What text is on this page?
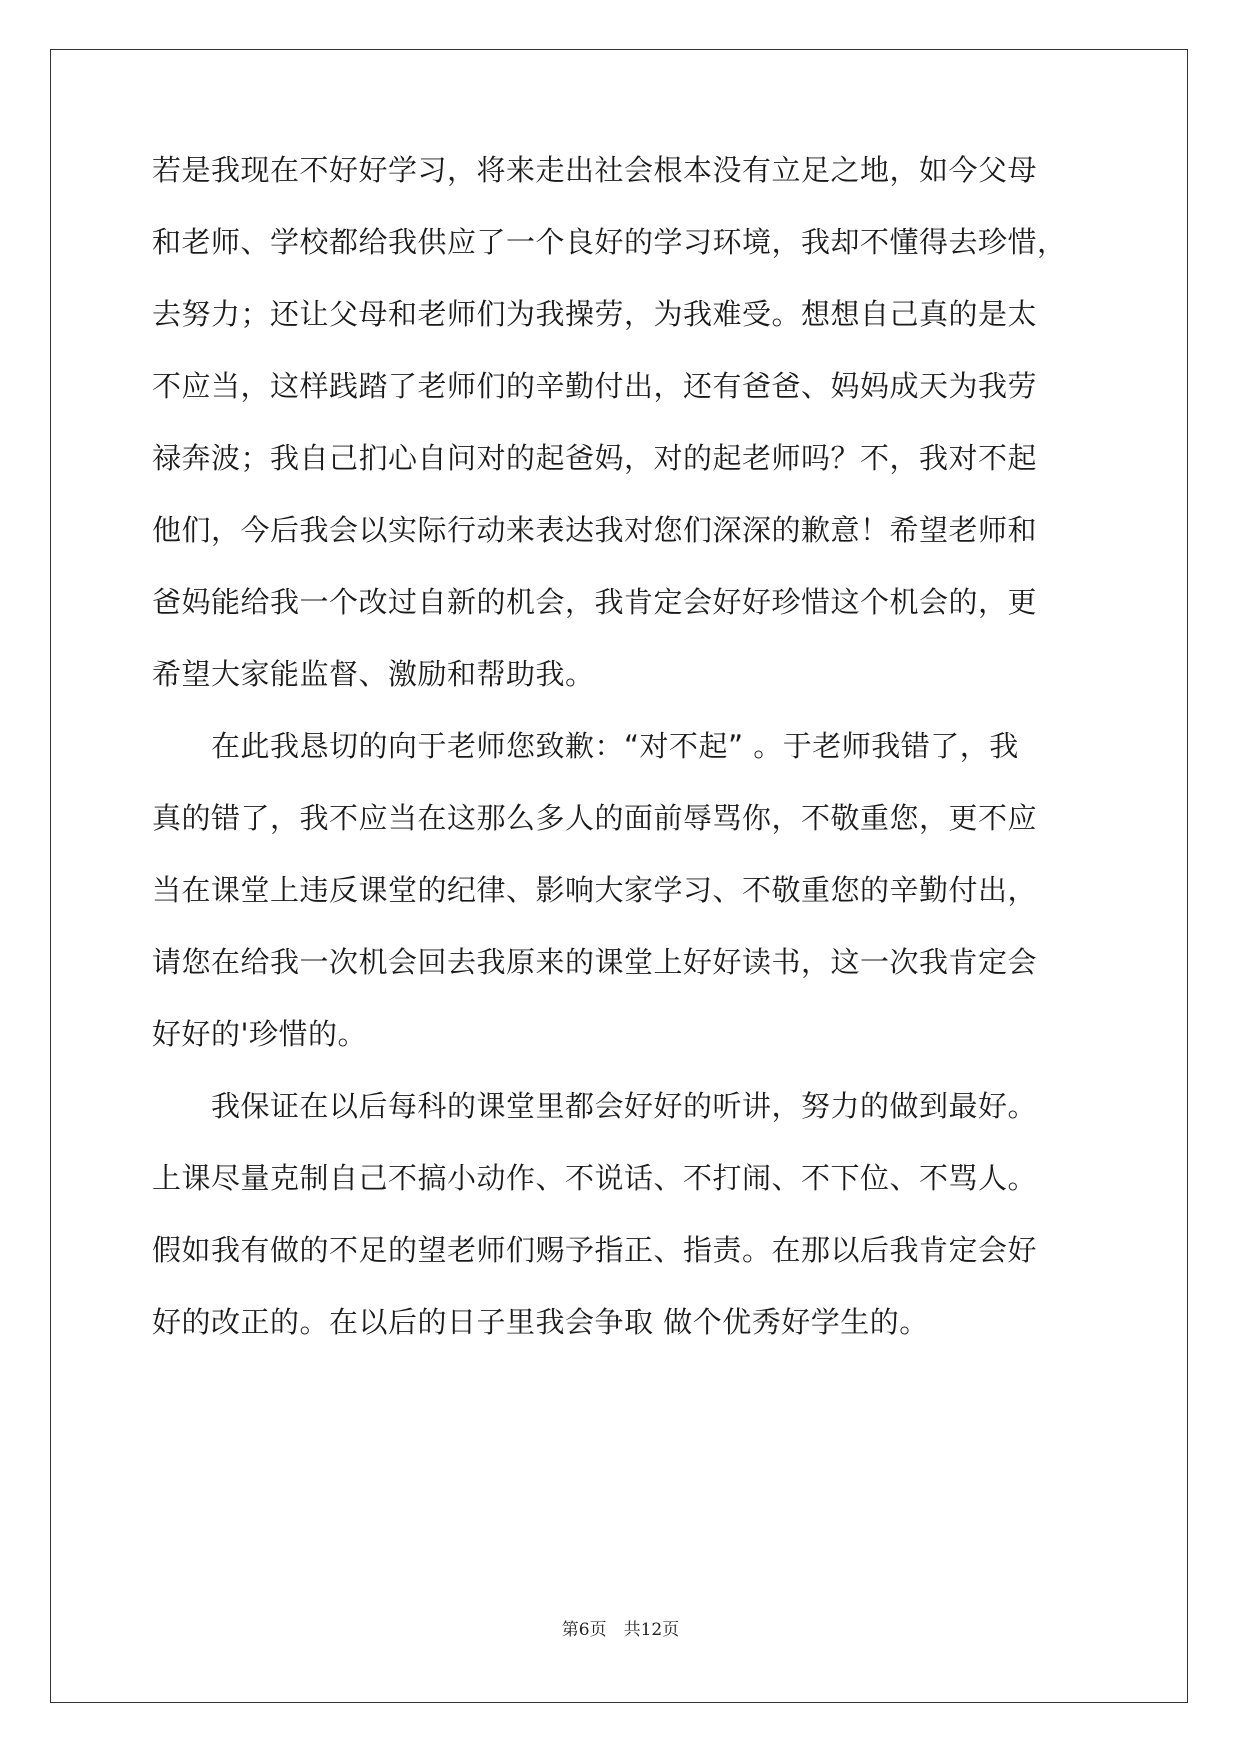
若是我现在不好好学习，将来走出社会根本没有立足之地，如今父母
和老师、学校都给我供应了一个良好的学习环境，我却不懂得去珍惜，
去努力；还让父母和老师们为我操劳，为我难受。想想自己真的是太
不应当，这样践踏了老师们的辛勤付出，还有爸爸、妈妈成天为我劳
禄奔波；我自己扪心自问对的起爸妈，对的起老师吗？不，我对不起
他们，今后我会以实际行动来表达我对您们深深的歉意！希望老师和
爸妈能给我一个改过自新的机会，我肯定会好好珍惜这个机会的，更
希望大家能监督、激励和帮助我。
　　在此我恳切的向于老师您致歉：“对不起” 。于老师我错了，我
真的错了，我不应当在这那么多人的面前辱骂你，不敬重您，更不应
当在课堂上违反课堂的纪律、影响大家学习、不敬重您的辛勤付出，
请您在给我一次机会回去我原来的课堂上好好读书，这一次我肯定会
好好的'珍惜的。
　　我保证在以后每科的课堂里都会好好的听讲，努力的做到最好。
上课尽量克制自己不搞小动作、不说话、不打闹、不下位、不骂人。
假如我有做的不足的望老师们赐予指正、指责。在那以后我肯定会好
好的改正的。在以后的日子里我会争取 做个优秀好学生的。
第6页　共12页
